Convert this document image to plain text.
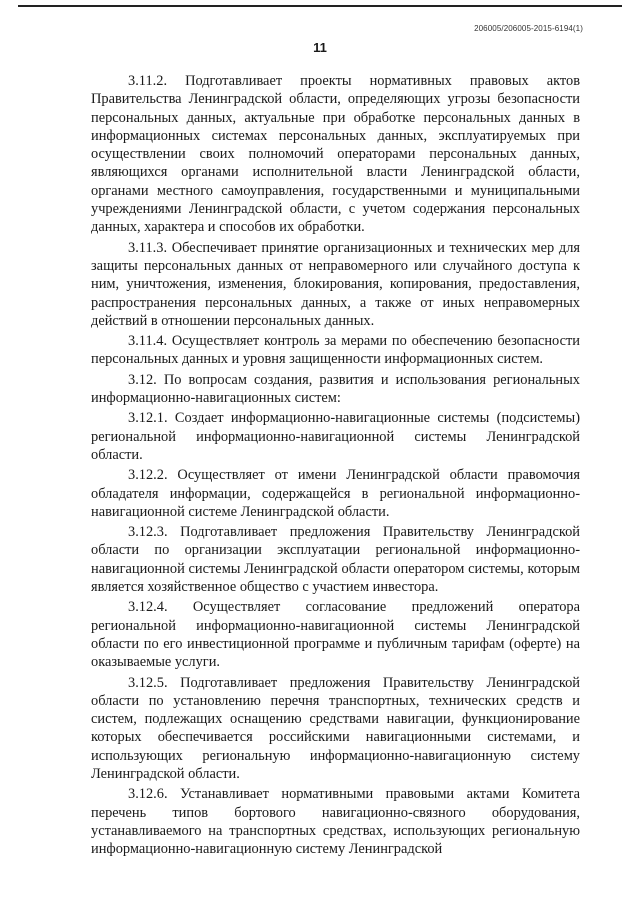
206005/206005-2015-6194(1)
11

3.11.2. Подготавливает проекты нормативных правовых актов Правительства Ленинградской области, определяющих угрозы безопасности персональных данных, актуальные при обработке персональных данных в информационных системах персональных данных, эксплуатируемых при осуществлении своих полномочий операторами персональных данных, являющихся органами исполнительной власти Ленинградской области, органами местного самоуправления, государственными и муниципальными учреждениями Ленинградской области, с учетом содержания персональных данных, характера и способов их обработки.

3.11.3. Обеспечивает принятие организационных и технических мер для защиты персональных данных от неправомерного или случайного доступа к ним, уничтожения, изменения, блокирования, копирования, предоставления, распространения персональных данных, а также от иных неправомерных действий в отношении персональных данных.

3.11.4. Осуществляет контроль за мерами по обеспечению безопасности персональных данных и уровня защищенности информационных систем.

3.12. По вопросам создания, развития и использования региональных информационно-навигационных систем:

3.12.1. Создает информационно-навигационные системы (подсистемы) региональной информационно-навигационной системы Ленинградской области.

3.12.2. Осуществляет от имени Ленинградской области правомочия обладателя информации, содержащейся в региональной информационно-навигационной системе Ленинградской области.

3.12.3. Подготавливает предложения Правительству Ленинградской области по организации эксплуатации региональной информационно-навигационной системы Ленинградской области оператором системы, которым является хозяйственное общество с участием инвестора.

3.12.4. Осуществляет согласование предложений оператора региональной информационно-навигационной системы Ленинградской области по его инвестиционной программе и публичным тарифам (оферте) на оказываемые услуги.

3.12.5. Подготавливает предложения Правительству Ленинградской области по установлению перечня транспортных, технических средств и систем, подлежащих оснащению средствами навигации, функционирование которых обеспечивается российскими навигационными системами, и использующих региональную информационно-навигационную систему Ленинградской области.

3.12.6. Устанавливает нормативными правовыми актами Комитета перечень типов бортового навигационно-связного оборудования, устанавливаемого на транспортных средствах, использующих региональную информационно-навигационную систему Ленинградской
